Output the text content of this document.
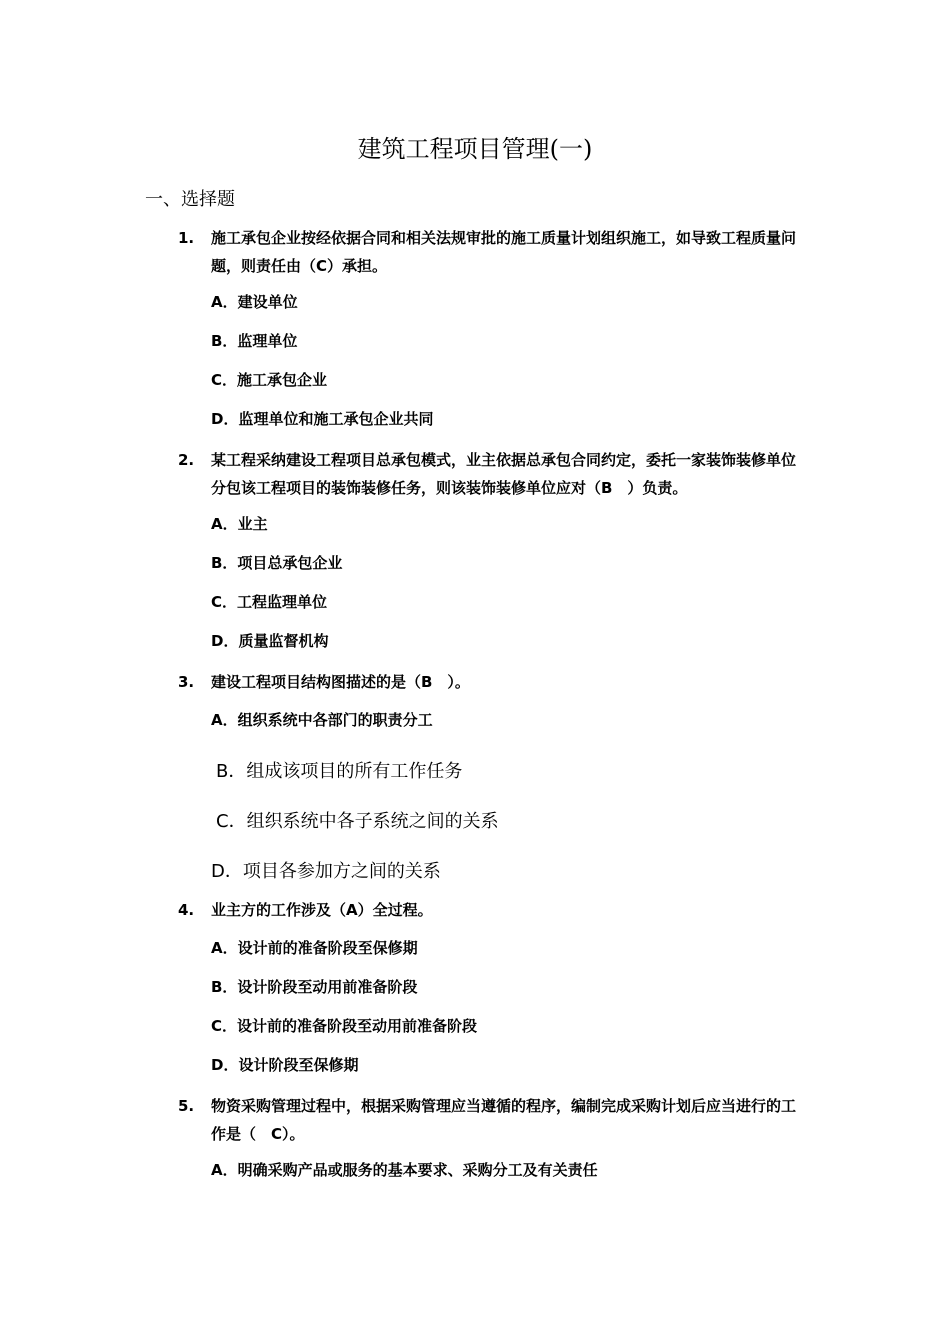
建筑工程项目管理(一)
一、选择题
1. 施工承包企业按经依据合同和相关法规审批的施工质量计划组织施工，如导致工程质量问题，则责任由（C）承担。
A．建设单位
B．监理单位
C．施工承包企业
D．监理单位和施工承包企业共同
2. 某工程采纳建设工程项目总承包模式，业主依据总承包合同约定，委托一家装饰装修单位分包该工程项目的装饰装修任务，则该装饰装修单位应对（B　）负责。
A．业主
B．项目总承包企业
C．工程监理单位
D．质量监督机构
3. 建设工程项目结构图描述的是（B　）。
A．组织系统中各部门的职责分工
B．组成该项目的所有工作任务
C．组织系统中各子系统之间的关系
D．项目各参加方之间的关系
4. 业主方的工作涉及（A）全过程。
A．设计前的准备阶段至保修期
B．设计阶段至动用前准备阶段
C．设计前的准备阶段至动用前准备阶段
D．设计阶段至保修期
5. 物资采购管理过程中，根据采购管理应当遵循的程序，编制完成采购计划后应当进行的工作是（　C）。
A．明确采购产品或服务的基本要求、采购分工及有关责任
